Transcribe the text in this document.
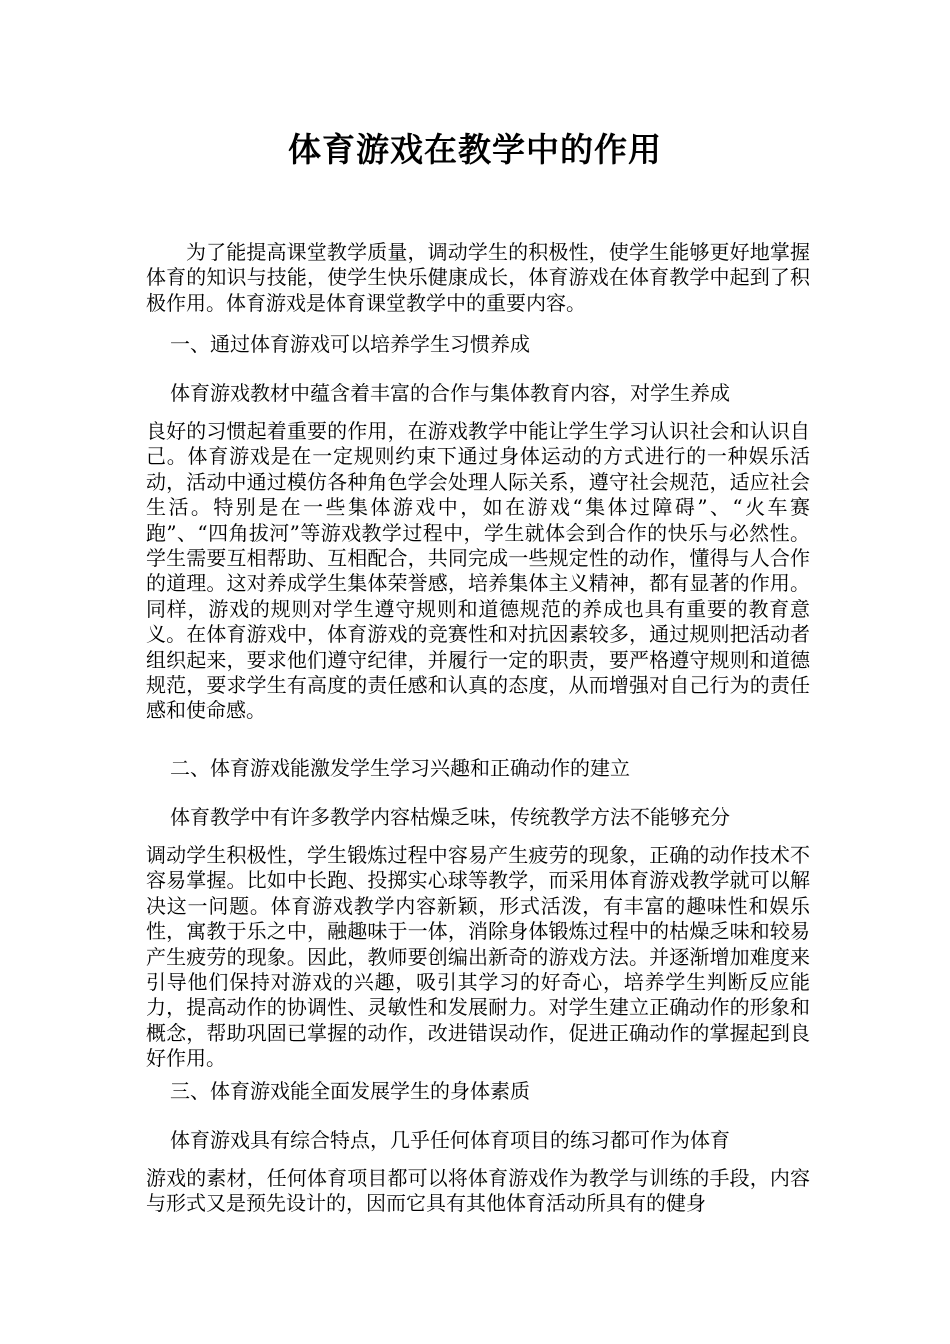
体育游戏在教学中的作用

为了能提高课堂教学质量，调动学生的积极性，使学生能够更好地掌握体育的知识与技能，使学生快乐健康成长，体育游戏在体育教学中起到了积极作用。体育游戏是体育课堂教学中的重要内容。

一、通过体育游戏可以培养学生习惯养成

体育游戏教材中蕴含着丰富的合作与集体教育内容，对学生养成

良好的习惯起着重要的作用，在游戏教学中能让学生学习认识社会和认识自己。体育游戏是在一定规则约束下通过身体运动的方式进行的一种娱乐活动，活动中通过模仿各种角色学会处理人际关系，遵守社会规范，适应社会生活。特别是在一些集体游戏中，如在游戏“集体过障碍”、“火车赛跑”、“四角拔河”等游戏教学过程中，学生就体会到合作的快乐与必然性。学生需要互相帮助、互相配合，共同完成一些规定性的动作，懂得与人合作的道理。这对养成学生集体荣誉感，培养集体主义精神，都有显著的作用。同样，游戏的规则对学生遵守规则和道德规范的养成也具有重要的教育意义。在体育游戏中，体育游戏的竞赛性和对抗因素较多，通过规则把活动者组织起来，要求他们遵守纪律，并履行一定的职责，要严格遵守规则和道德规范，要求学生有高度的责任感和认真的态度，从而增强对自己行为的责任感和使命感。

二、体育游戏能激发学生学习兴趣和正确动作的建立

体育教学中有许多教学内容枯燥乏味，传统教学方法不能够充分

调动学生积极性，学生锻炼过程中容易产生疲劳的现象，正确的动作技术不容易掌握。比如中长跑、投掷实心球等教学，而采用体育游戏教学就可以解决这一问题。体育游戏教学内容新颖，形式活泼，有丰富的趣味性和娱乐性，寓教于乐之中，融趣味于一体，消除身体锻炼过程中的枯燥乏味和较易产生疲劳的现象。因此，教师要创编出新奇的游戏方法。并逐渐增加难度来引导他们保持对游戏的兴趣，吸引其学习的好奇心，培养学生判断反应能力，提高动作的协调性、灵敏性和发展耐力。对学生建立正确动作的形象和概念，帮助巩固已掌握的动作，改进错误动作，促进正确动作的掌握起到良好作用。

三、体育游戏能全面发展学生的身体素质

体育游戏具有综合特点，几乎任何体育项目的练习都可作为体育

游戏的素材，任何体育项目都可以将体育游戏作为教学与训练的手段，内容与形式又是预先设计的，因而它具有其他体育活动所具有的健身
